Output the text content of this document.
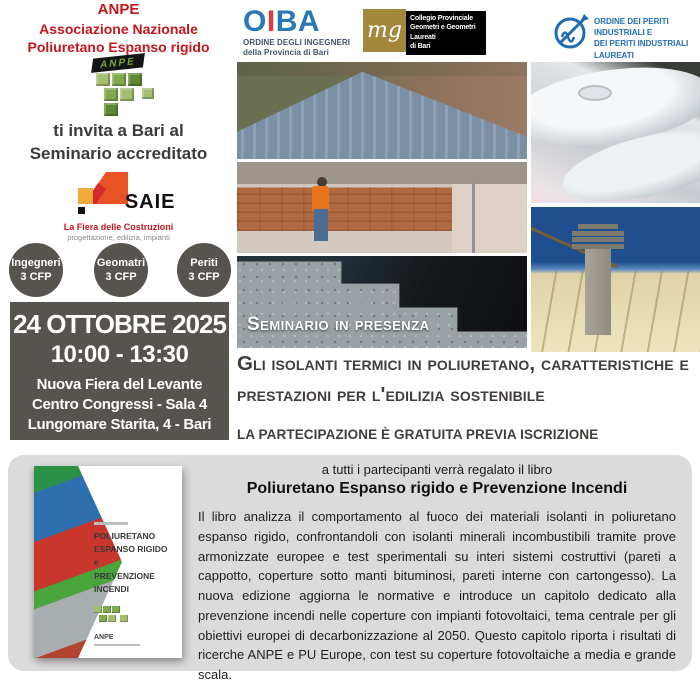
ANPE
Associazione Nazionale
Poliuretano Espanso rigido
ANPE
ti invita a Bari al
Seminario accreditato
SAIE
La Fiera delle Costruzioni
progettazione, edilizia, impianti
Ingegneri
3 CFP
Geomatri
3 CFP
Periti
3 CFP
24 OTTOBRE 2025
10:00 - 13:30
Nuova Fiera del Levante
Centro Congressi - Sala 4
Lungomare Starita, 4 - Bari
OIBA
ORDINE DEGLI INGEGNERI
della Provincia di Bari
mg Collegio Provinciale
Geometri e Geometri Laureati
di Bari
ORDINE DEI PERITI INDUSTRIALI E
DEI PERITI INDUSTRIALI LAUREATI
Seminario in presenza
Gli isolanti termici in poliuretano, caratteristiche e prestazioni per l'edilizia sostenibile
LA PARTECIPAZIONE È GRATUITA PREVIA ISCRIZIONE
POLIURETANO
ESPANSO RIGIDO
e
PREVENZIONE
INCENDI
ANPE
a tutti i partecipanti verrà regalato il libro
Poliuretano Espanso rigido e Prevenzione Incendi
Il libro analizza il comportamento al fuoco dei materiali isolanti in poliuretano espanso rigido, confrontandoli con isolanti minerali incombustibili tramite prove armonizzate europee e test sperimentali su interi sistemi costruttivi (pareti a cappotto, coperture sotto manti bituminosi, pareti interne con cartongesso). La nuova edizione aggiorna le normative e introduce un capitolo dedicato alla prevenzione incendi nelle coperture con impianti fotovoltaici, tema centrale per gli obiettivi europei di decarbonizzazione al 2050. Questo capitolo riporta i risultati di ricerche ANPE e PU Europe, con test su coperture fotovoltaiche a media e grande scala.
